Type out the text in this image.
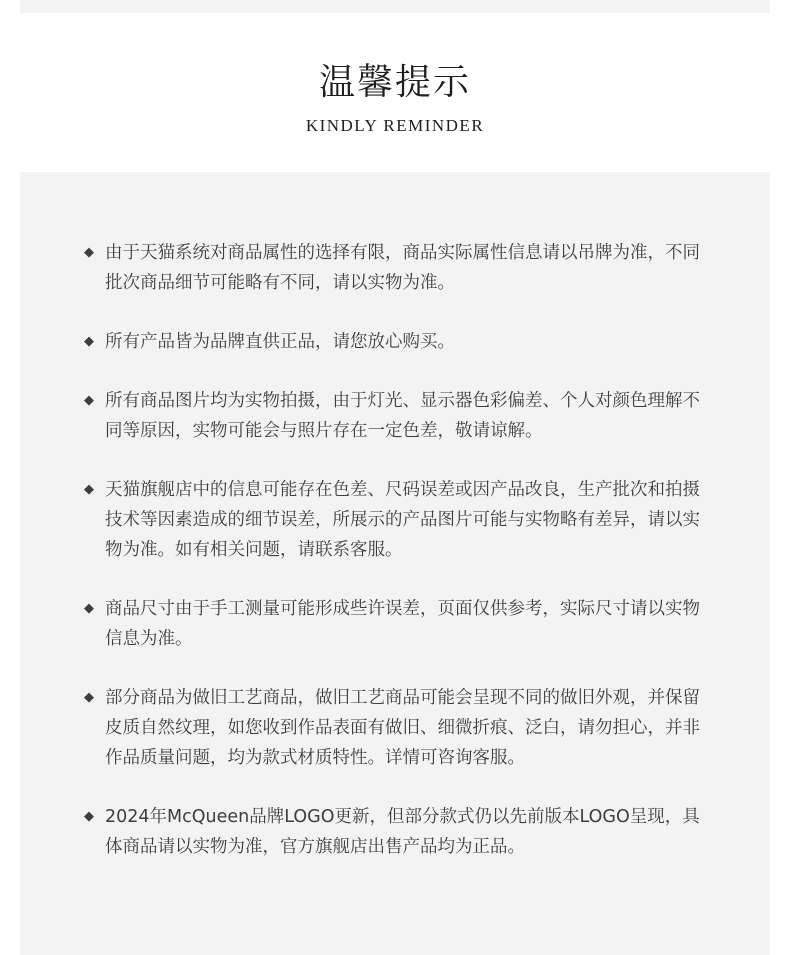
温馨提示
KINDLY REMINDER
◆ 由于天猫系统对商品属性的选择有限，商品实际属性信息请以吊牌为准，不同批次商品细节可能略有不同，请以实物为准。
◆ 所有产品皆为品牌直供正品，请您放心购买。
◆ 所有商品图片均为实物拍摄，由于灯光、显示器色彩偏差、个人对颜色理解不同等原因，实物可能会与照片存在一定色差，敬请谅解。
◆ 天猫旗舰店中的信息可能存在色差、尺码误差或因产品改良，生产批次和拍摄技术等因素造成的细节误差，所展示的产品图片可能与实物略有差异，请以实物为准。如有相关问题，请联系客服。
◆ 商品尺寸由于手工测量可能形成些许误差，页面仅供参考，实际尺寸请以实物信息为准。
◆ 部分商品为做旧工艺商品，做旧工艺商品可能会呈现不同的做旧外观，并保留皮质自然纹理，如您收到作品表面有做旧、细微折痕、泛白，请勿担心，并非作品质量问题，均为款式材质特性。详情可咨询客服。
◆ 2024年McQueen品牌LOGO更新，但部分款式仍以先前版本LOGO呈现，具体商品请以实物为准，官方旗舰店出售产品均为正品。
